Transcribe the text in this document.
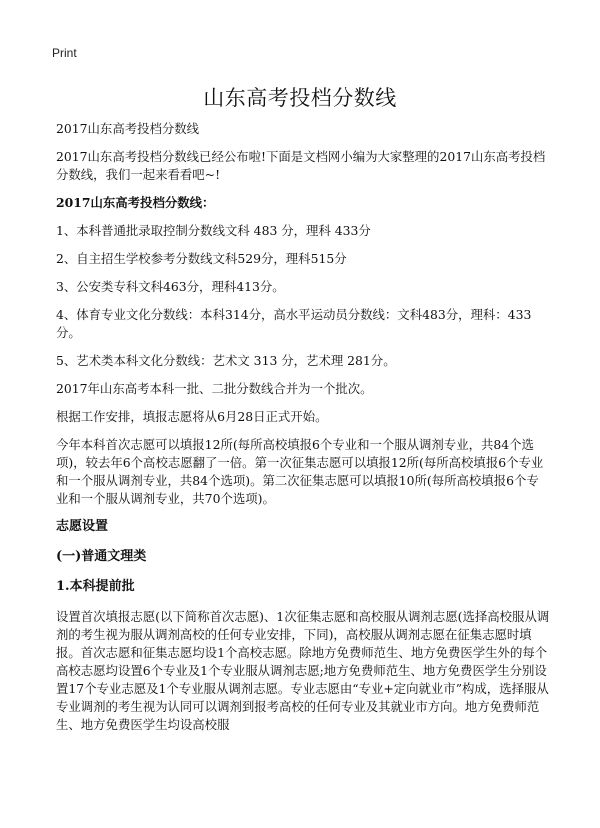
Print
山东高考投档分数线

2017山东高考投档分数线

2017山东高考投档分数线已经公布啦!下面是文档网小编为大家整理的2017山东高考投档分数线，我们一起来看看吧~!

2017山东高考投档分数线：

1、本科普通批录取控制分数线文科 483 分，理科 433分

2、自主招生学校参考分数线文科529分，理科515分

3、公安类专科文科463分，理科413分。

4、体育专业文化分数线：本科314分，高水平运动员分数线：文科483分，理科：433分。

5、艺术类本科文化分数线：艺术文 313 分，艺术理 281分。

2017年山东高考本科一批、二批分数线合并为一个批次。

根据工作安排，填报志愿将从6月28日正式开始。

今年本科首次志愿可以填报12所(每所高校填报6个专业和一个服从调剂专业，共84个选项)，较去年6个高校志愿翻了一倍。第一次征集志愿可以填报12所(每所高校填报6个专业和一个服从调剂专业，共84个选项)。第二次征集志愿可以填报10所(每所高校填报6个专业和一个服从调剂专业，共70个选项)。

志愿设置
(一)普通文理类
1.本科提前批

设置首次填报志愿(以下简称首次志愿)、1次征集志愿和高校服从调剂志愿(选择高校服从调剂的考生视为服从调剂高校的任何专业安排，下同)，高校服从调剂志愿在征集志愿时填报。首次志愿和征集志愿均设1个高校志愿。除地方免费师范生、地方免费医学生外的每个高校志愿均设置6个专业及1个专业服从调剂志愿;地方免费师范生、地方免费医学生分别设置17个专业志愿及1个专业服从调剂志愿。专业志愿由“专业+定向就业市”构成，选择服从专业调剂的考生视为认同可以调剂到报考高校的任何专业及其就业市方向。地方免费师范生、地方免费医学生均设高校服
